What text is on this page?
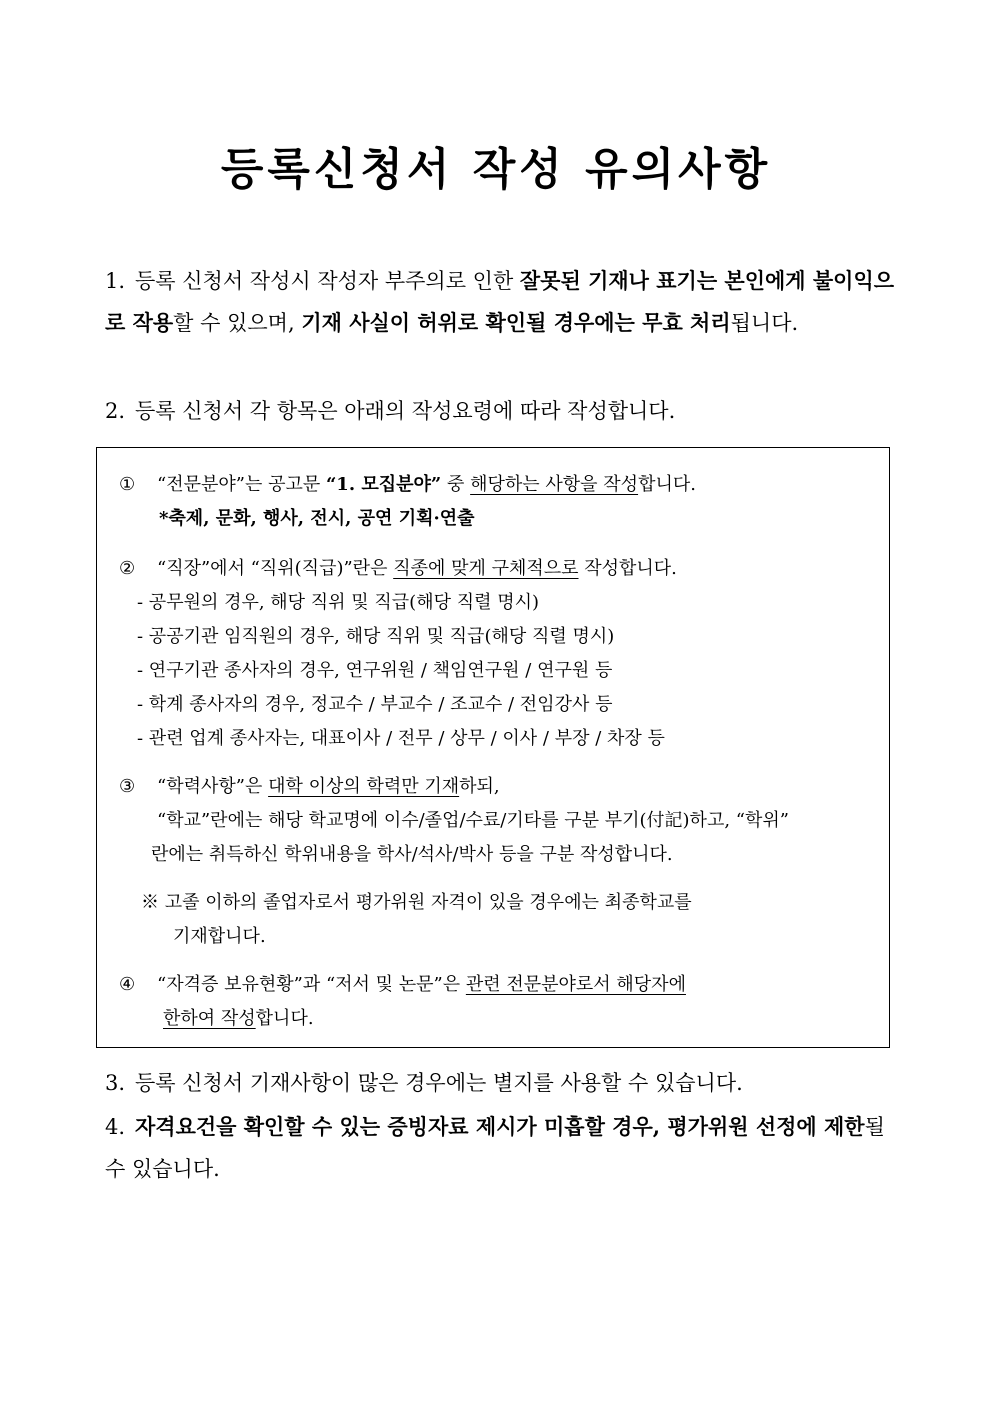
등록신청서 작성 유의사항
1. 등록 신청서 작성시 작성자 부주의로 인한 잘못된 기재나 표기는 본인에게 불이익으로 작용할 수 있으며, 기재 사실이 허위로 확인될 경우에는 무효 처리됩니다.
2. 등록 신청서 각 항목은 아래의 작성요령에 따라 작성합니다.
① “전문분야”는 공고문 “1. 모집분야” 중 해당하는 사항을 작성합니다.
*축제, 문화, 행사, 전시, 공연 기획·연출
② “직장”에서 “직위(직급)”란은 직종에 맞게 구체적으로 작성합니다.
- 공무원의 경우, 해당 직위 및 직급(해당 직렬 명시)
- 공공기관 임직원의 경우, 해당 직위 및 직급(해당 직렬 명시)
- 연구기관 종사자의 경우, 연구위원 / 책임연구원 / 연구원 등
- 학계 종사자의 경우, 정교수 / 부교수 / 조교수 / 전임강사 등
- 관련 업계 종사자는, 대표이사 / 전무 / 상무 / 이사 / 부장 / 차장 등
③ “학력사항”은 대학 이상의 학력만 기재하되,
“학교”란에는 해당 학교명에 이수/졸업/수료/기타를 구분 부기(付記)하고, “학위”
란에는 취득하신 학위내용을 학사/석사/박사 등을 구분 작성합니다.
※ 고졸 이하의 졸업자로서 평가위원 자격이 있을 경우에는 최종학교를
기재합니다.
④ “자격증 보유현황”과 “저서 및 논문”은 관련 전문분야로서 해당자에
한하여 작성합니다.
3. 등록 신청서 기재사항이 많은 경우에는 별지를 사용할 수 있습니다.
4. 자격요건을 확인할 수 있는 증빙자료 제시가 미흡할 경우, 평가위원 선정에 제한될 수 있습니다.
